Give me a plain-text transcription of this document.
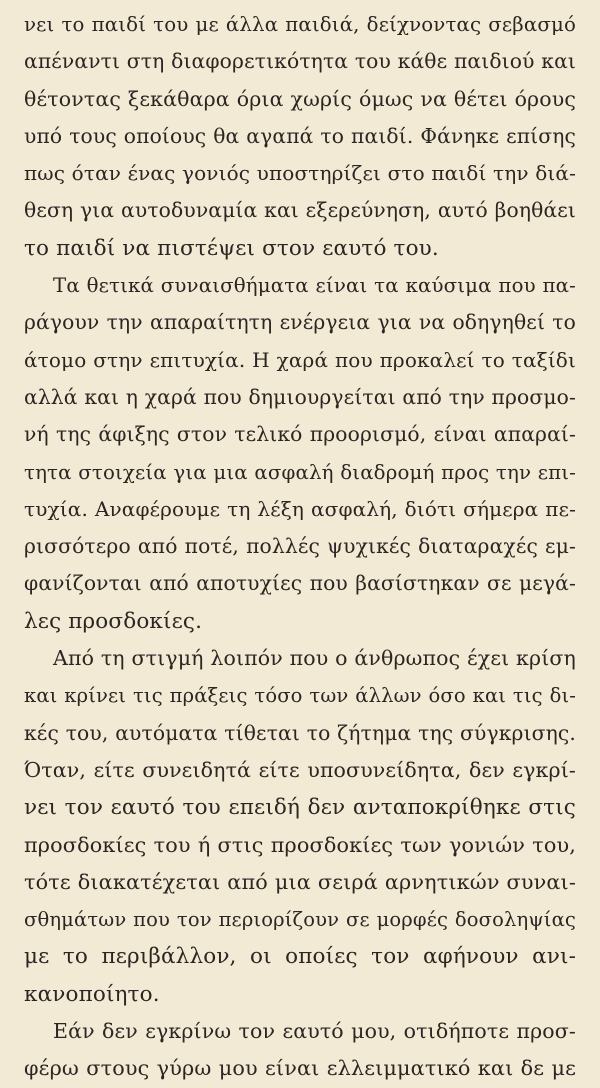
νει το παιδί του με άλλα παιδιά, δείχνοντας σεβασμό
απέναντι στη διαφορετικότητα του κάθε παιδιού και
θέτοντας ξεκάθαρα όρια χωρίς όμως να θέτει όρους
υπό τους οποίους θα αγαπά το παιδί. Φάνηκε επίσης
πως όταν ένας γονιός υποστηρίζει στο παιδί την διά-
θεση για αυτοδυναμία και εξερεύνηση, αυτό βοηθάει
το παιδί να πιστέψει στον εαυτό του.
Τα θετικά συναισθήματα είναι τα καύσιμα που πα-
ράγουν την απαραίτητη ενέργεια για να οδηγηθεί το
άτομο στην επιτυχία. Η χαρά που προκαλεί το ταξίδι
αλλά και η χαρά που δημιουργείται από την προσμο-
νή της άφιξης στον τελικό προορισμό, είναι απαραί-
τητα στοιχεία για μια ασφαλή διαδρομή προς την επι-
τυχία. Αναφέρουμε τη λέξη ασφαλή, διότι σήμερα πε-
ρισσότερο από ποτέ, πολλές ψυχικές διαταραχές εμ-
φανίζονται από αποτυχίες που βασίστηκαν σε μεγά-
λες προσδοκίες.
Από τη στιγμή λοιπόν που ο άνθρωπος έχει κρίση
και κρίνει τις πράξεις τόσο των άλλων όσο και τις δι-
κές του, αυτόματα τίθεται το ζήτημα της σύγκρισης.
Όταν, είτε συνειδητά είτε υποσυνείδητα, δεν εγκρί-
νει τον εαυτό του επειδή δεν ανταποκρίθηκε στις
προσδοκίες του ή στις προσδοκίες των γονιών του,
τότε διακατέχεται από μια σειρά αρνητικών συναι-
σθημάτων που τον περιορίζουν σε μορφές δοσοληψίας
με το περιβάλλον, οι οποίες τον αφήνουν ανι-
κανοποίητο.
Εάν δεν εγκρίνω τον εαυτό μου, οτιδήποτε προσ-
φέρω στους γύρω μου είναι ελλειμματικό και δε με
